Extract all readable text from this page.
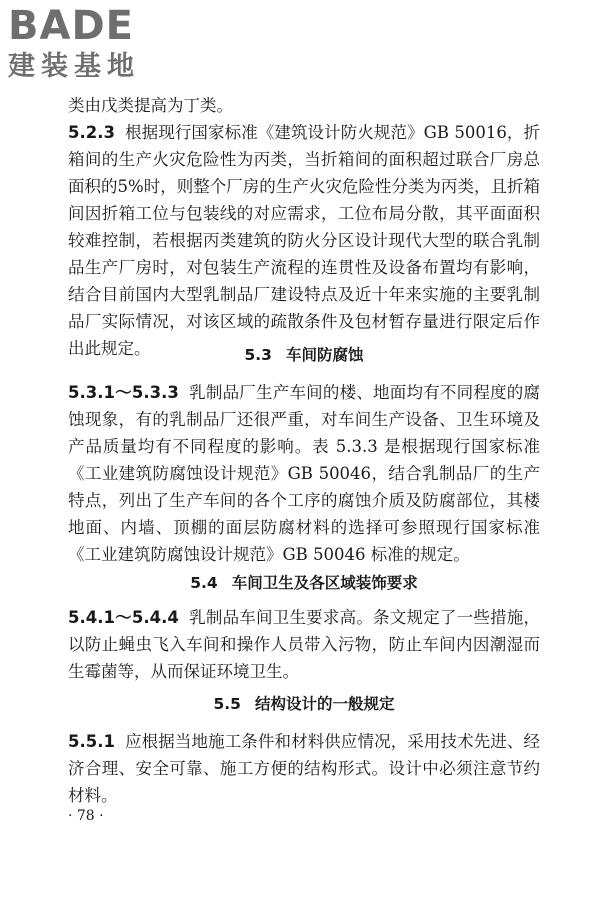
BADE
建装基地
类由戊类提高为丁类。
5.2.3 根据现行国家标准《建筑设计防火规范》GB 50016，折箱间的生产火灾危险性为丙类，当折箱间的面积超过联合厂房总面积的5%时，则整个厂房的生产火灾危险性分类为丙类，且折箱间因折箱工位与包装线的对应需求，工位布局分散，其平面面积较难控制，若根据丙类建筑的防火分区设计现代大型的联合乳制品生产厂房时，对包装生产流程的连贯性及设备布置均有影响，结合目前国内大型乳制品厂建设特点及近十年来实施的主要乳制品厂实际情况，对该区域的疏散条件及包材暂存量进行限定后作出此规定。	5.3 车间防腐蚀
5.3.1～5.3.3 乳制品厂生产车间的楼、地面均有不同程度的腐蚀现象，有的乳制品厂还很严重，对车间生产设备、卫生环境及产品质量均有不同程度的影响。表 5.3.3 是根据现行国家标准《工业建筑防腐蚀设计规范》GB 50046，结合乳制品厂的生产特点，列出了生产车间的各个工序的腐蚀介质及防腐部位，其楼地面、内墙、顶棚的面层防腐材料的选择可参照现行国家标准《工业建筑防腐蚀设计规范》GB 50046 标准的规定。
5.4 车间卫生及各区域装饰要求
5.4.1～5.4.4 乳制品车间卫生要求高。条文规定了一些措施，以防止蝇虫飞入车间和操作人员带入污物，防止车间内因潮湿而生霉菌等，从而保证环境卫生。
5.5 结构设计的一般规定
5.5.1 应根据当地施工条件和材料供应情况，采用技术先进、经济合理、安全可靠、施工方便的结构形式。设计中必须注意节约材料。
· 78 ·
